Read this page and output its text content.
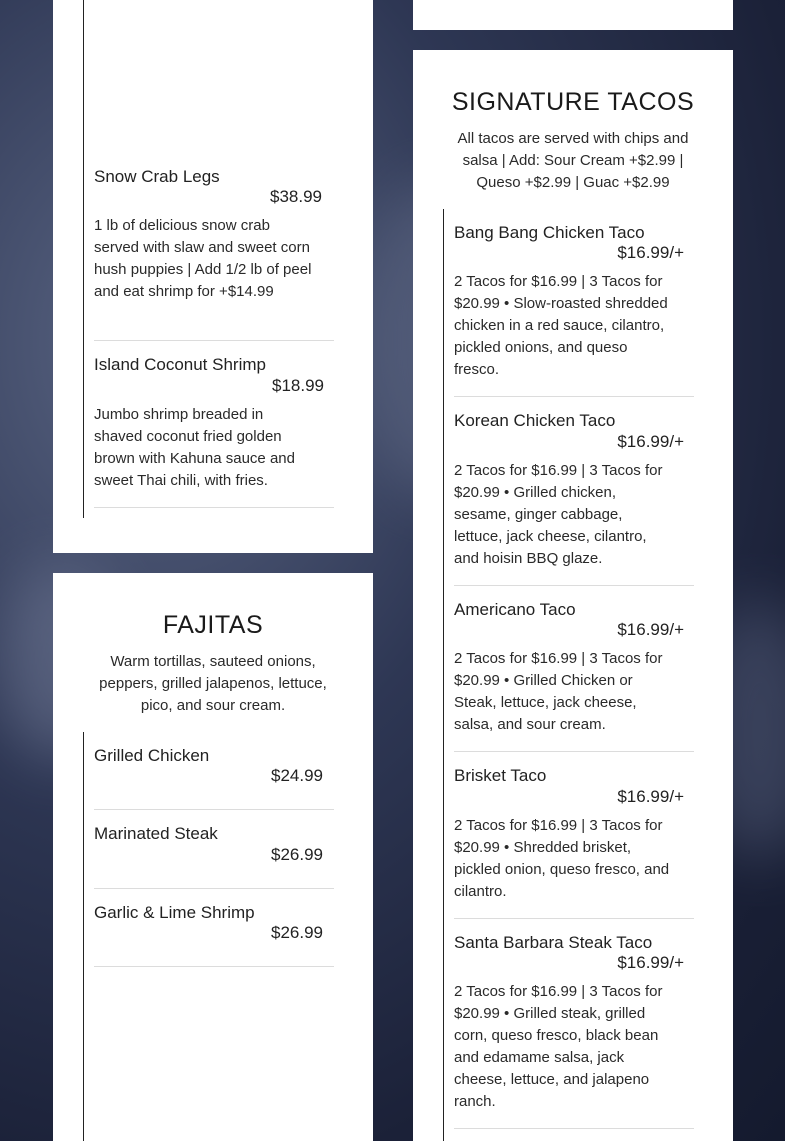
Snow Crab Legs
$38.99
1 lb of delicious snow crab served with slaw and sweet corn hush puppies | Add 1/2 lb of peel and eat shrimp for +$14.99
Island Coconut Shrimp
$18.99
Jumbo shrimp breaded in shaved coconut fried golden brown with Kahuna sauce and sweet Thai chili, with fries.
FAJITAS
Warm tortillas, sauteed onions, peppers, grilled jalapenos, lettuce, pico, and sour cream.
Grilled Chicken
$24.99
Marinated Steak
$26.99
Garlic & Lime Shrimp
$26.99
SIGNATURE TACOS
All tacos are served with chips and salsa | Add: Sour Cream +$2.99 | Queso +$2.99 | Guac +$2.99
Bang Bang Chicken Taco
$16.99/+
2 Tacos for $16.99 | 3 Tacos for $20.99 • Slow-roasted shredded chicken in a red sauce, cilantro, pickled onions, and queso fresco.
Korean Chicken Taco
$16.99/+
2 Tacos for $16.99 | 3 Tacos for $20.99 • Grilled chicken, sesame, ginger cabbage, lettuce, jack cheese, cilantro, and hoisin BBQ glaze.
Americano Taco
$16.99/+
2 Tacos for $16.99 | 3 Tacos for $20.99 • Grilled Chicken or Steak, lettuce, jack cheese, salsa, and sour cream.
Brisket Taco
$16.99/+
2 Tacos for $16.99 | 3 Tacos for $20.99 • Shredded brisket, pickled onion, queso fresco, and cilantro.
Santa Barbara Steak Taco
$16.99/+
2 Tacos for $16.99 | 3 Tacos for $20.99 • Grilled steak, grilled corn, queso fresco, black bean and edamame salsa, jack cheese, lettuce, and jalapeno ranch.
